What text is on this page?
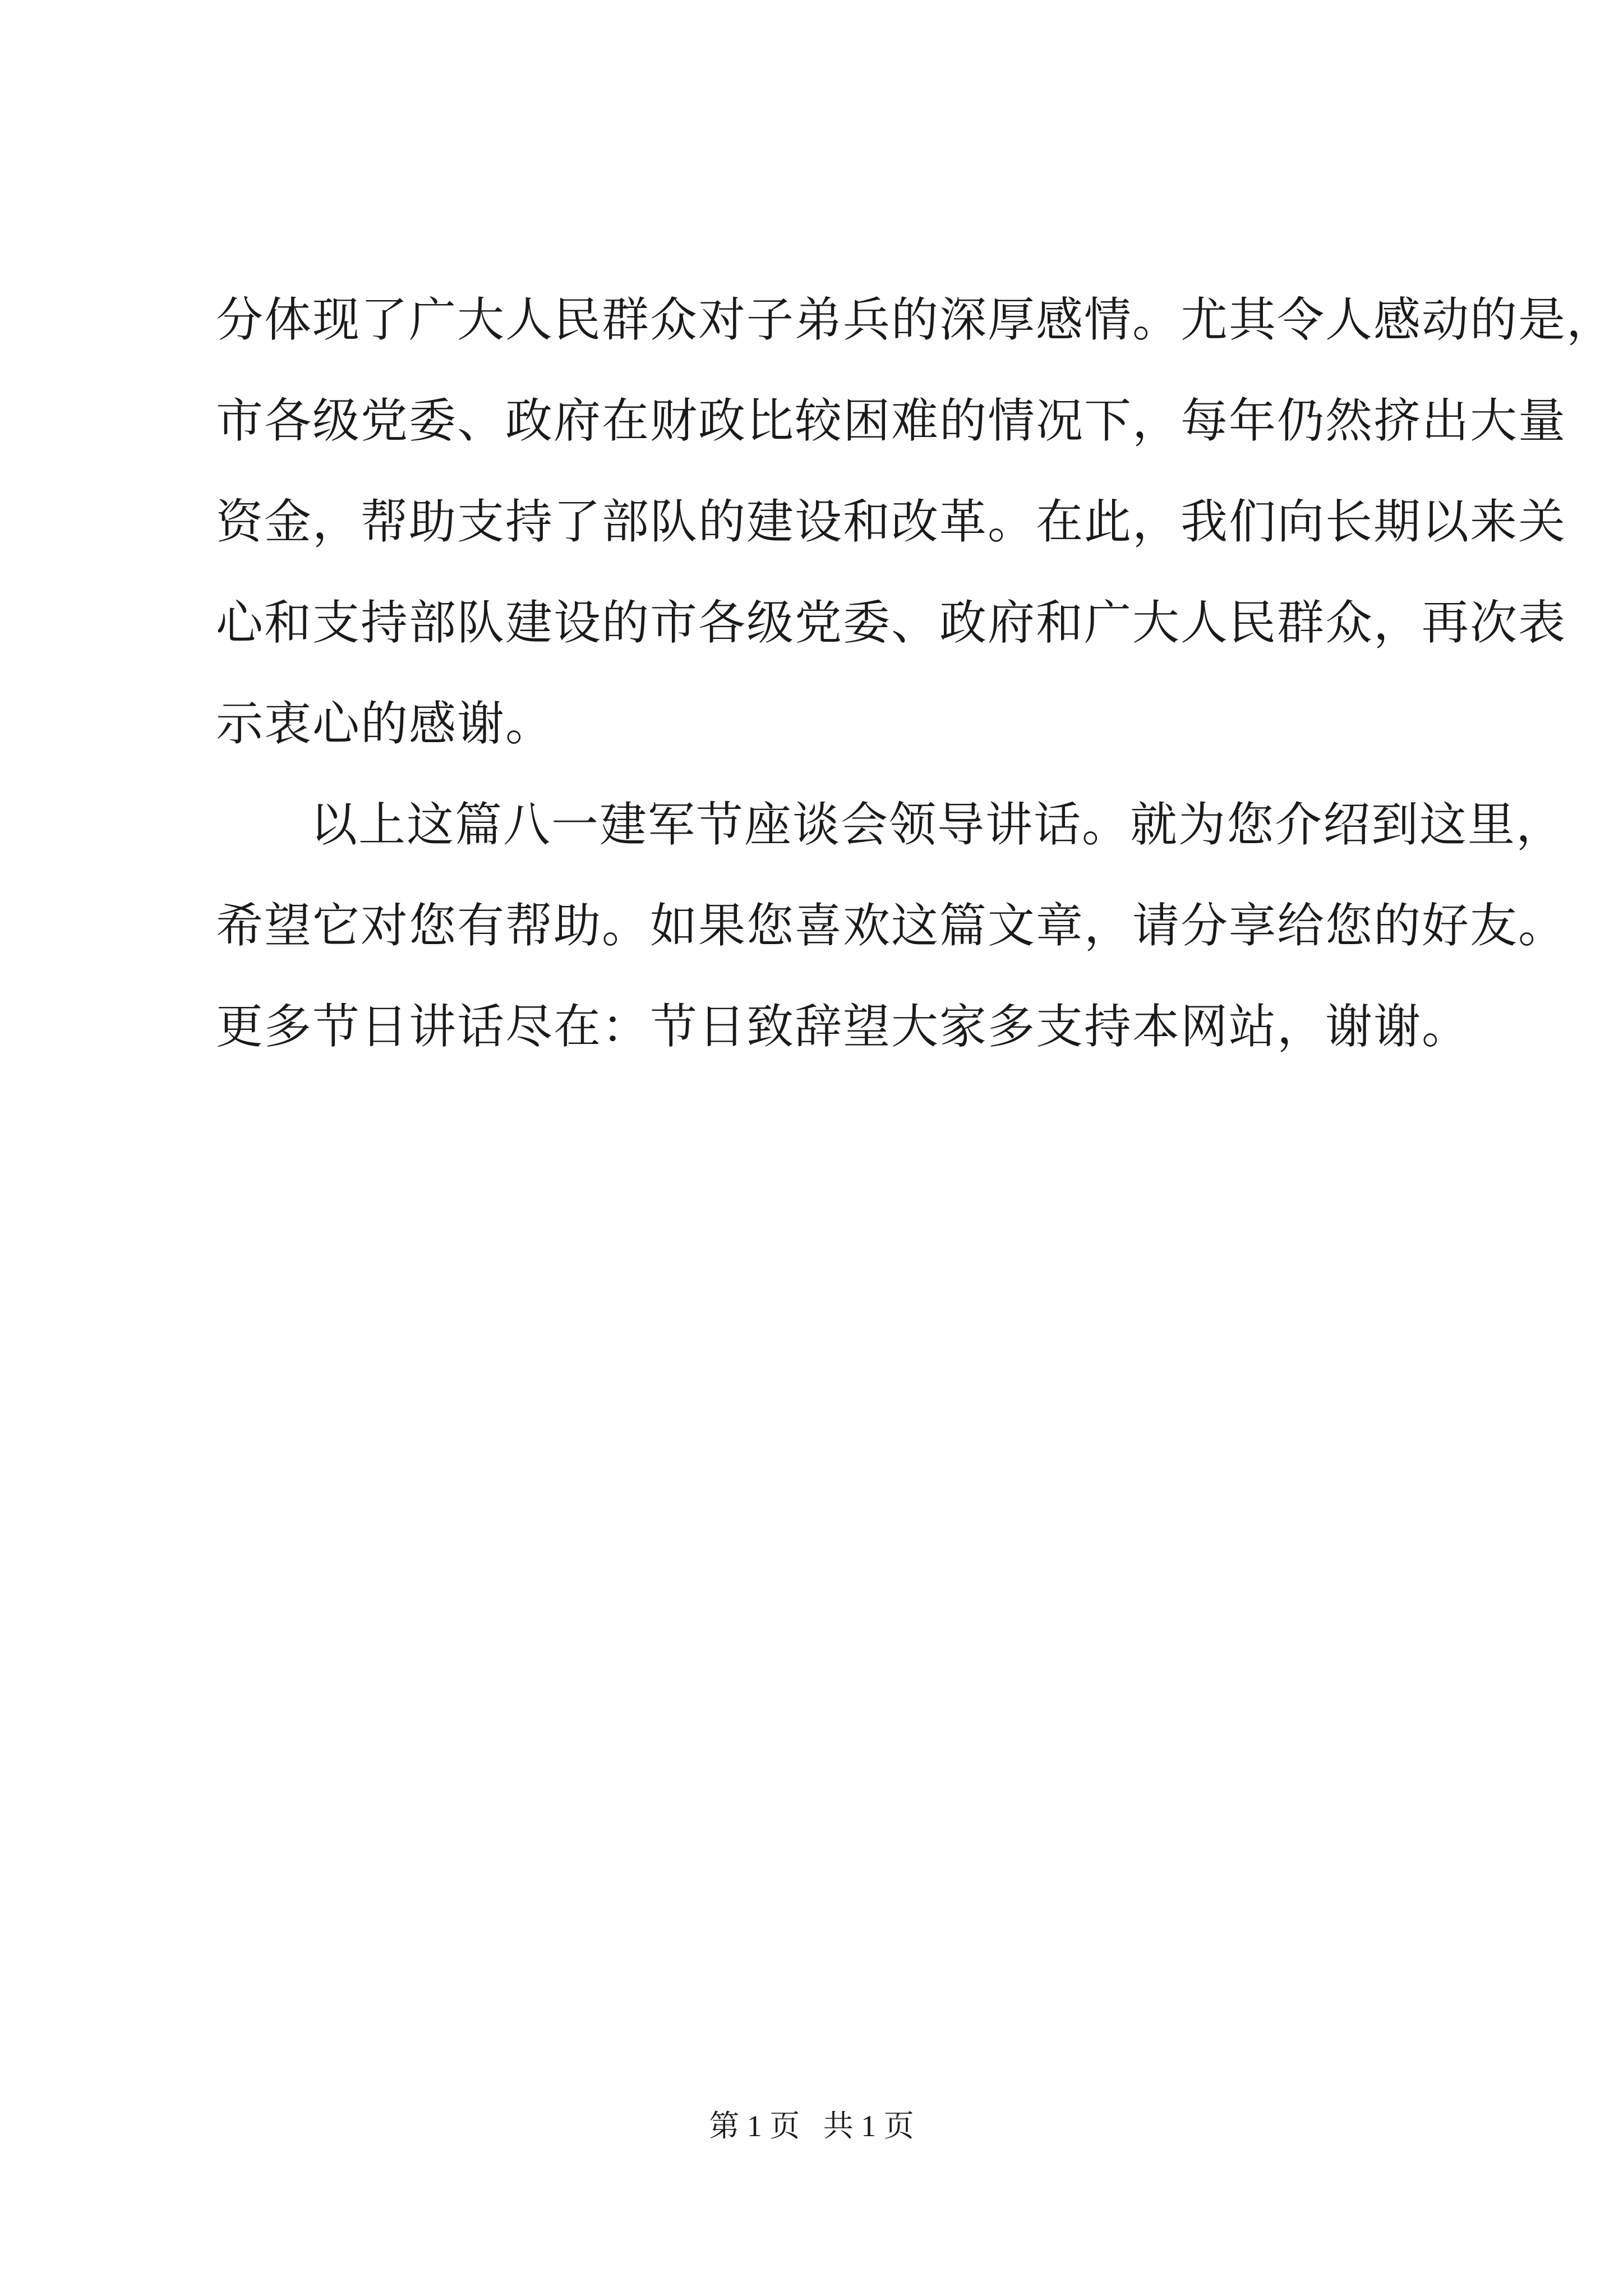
分体现了广大人民群众对子弟兵的深厚感情。尤其令人感动的是，
市各级党委、政府在财政比较困难的情况下，每年仍然挤出大量
资金，帮助支持了部队的建设和改革。在此，我们向长期以来关
心和支持部队建设的市各级党委、政府和广大人民群众，再次表
示衷心的感谢。
以上这篇八一建军节座谈会领导讲话。就为您介绍到这里，
希望它对您有帮助。如果您喜欢这篇文章，请分享给您的好友。
更多节日讲话尽在：节日致辞望大家多支持本网站，谢谢。
第 1 页 共 1 页
